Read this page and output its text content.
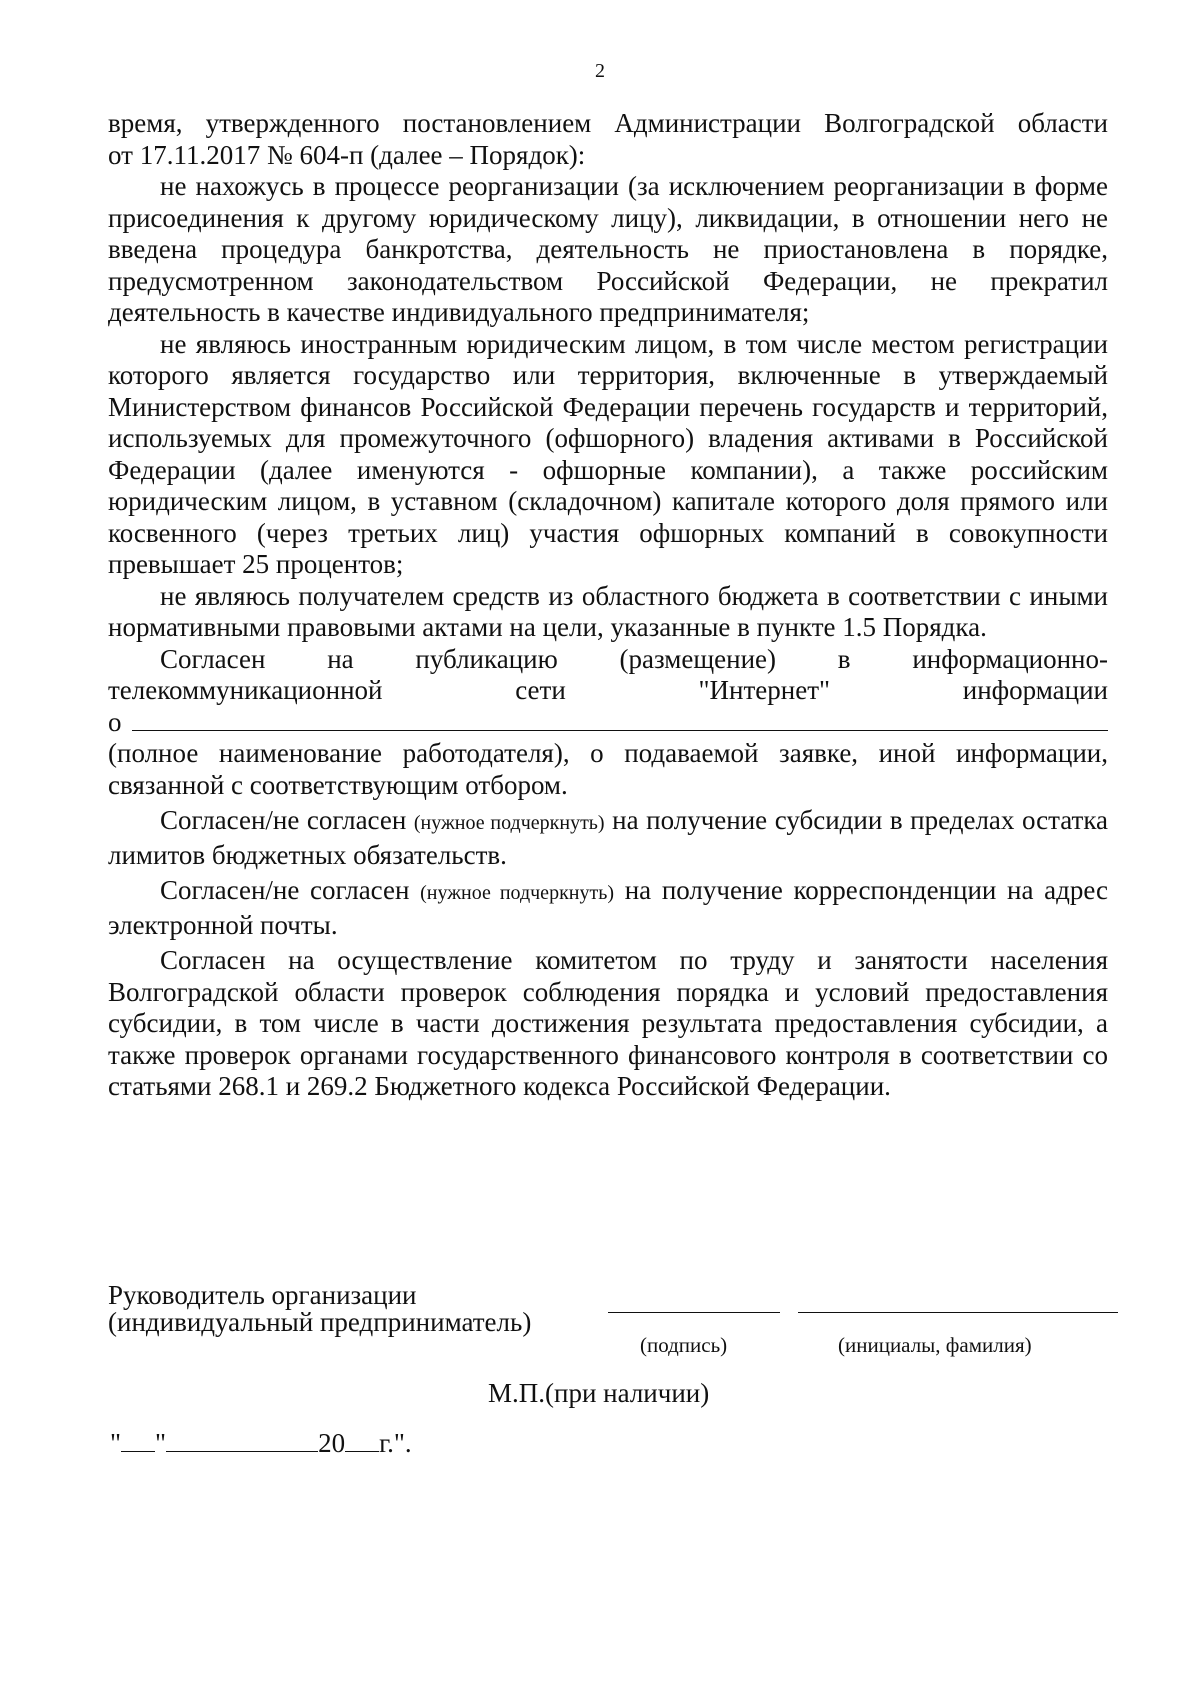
2

время, утвержденного постановлением Администрации Волгоградской области

от 17.11.2017 № 604-п (далее – Порядок):

не нахожусь в процессе реорганизации (за исключением реорганизации в форме присоединения к другому юридическому лицу), ликвидации, в отношении него не введена процедура банкротства, деятельность не приостановлена в порядке, предусмотренном законодательством Российской Федерации, не прекратил деятельность в качестве индивидуального предпринимателя;

не являюсь иностранным юридическим лицом, в том числе местом регистрации которого является государство или территория, включенные в утверждаемый Министерством финансов Российской Федерации перечень государств и территорий, используемых для промежуточного (офшорного) владения активами в Российской Федерации (далее именуются - офшорные компании), а также российским юридическим лицом, в уставном (складочном) капитале которого доля прямого или косвенного (через третьих лиц) участия офшорных компаний в совокупности превышает 25 процентов;

не являюсь получателем средств из областного бюджета в соответствии с иными нормативными правовыми актами на цели, указанные в пункте 1.5 Порядка.

Согласен на публикацию (размещение) в информационно-

телекоммуникационной сети "Интернет" информации

о

(полное наименование работодателя), о подаваемой заявке, иной информации, связанной с соответствующим отбором.

Согласен/не согласен (нужное подчеркнуть) на получение субсидии в пределах остатка лимитов бюджетных обязательств.

Согласен/не согласен (нужное подчеркнуть) на получение корреспонденции на адрес электронной почты.

Согласен на осуществление комитетом по труду и занятости населения Волгоградской области проверок соблюдения порядка и условий предоставления субсидии, в том числе в части достижения результата предоставления субсидии, а также проверок органами государственного финансового контроля в соответствии со статьями 268.1 и 269.2 Бюджетного кодекса Российской Федерации.

Руководитель организации

(индивидуальный предприниматель)

(подпись)	(инициалы, фамилия)
М.П.(при наличии)
" "	20 г.".
